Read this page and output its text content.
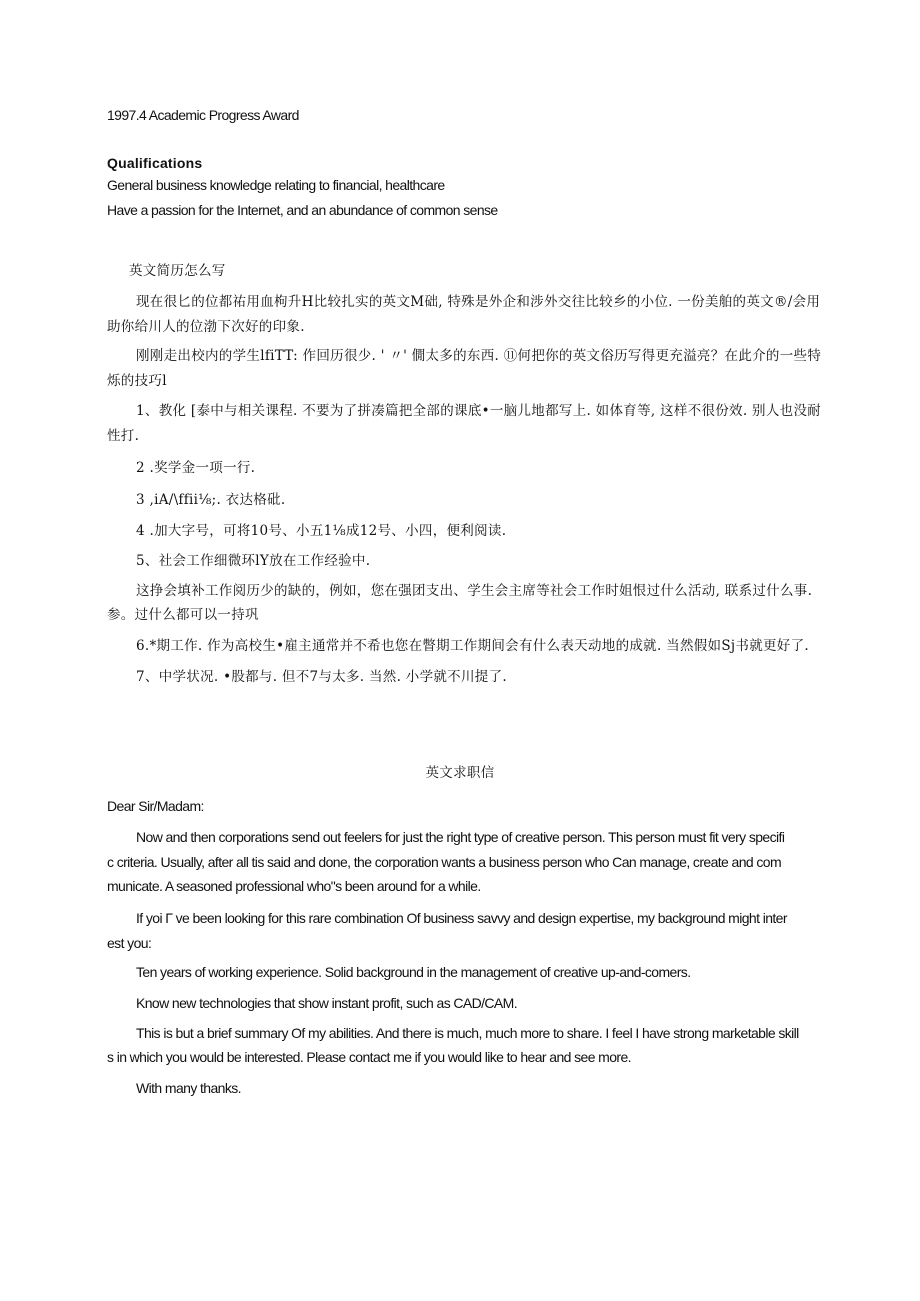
1997.4 Academic Progress Award
Qualifications
General business knowledge relating to financial, healthcare
Have a passion for the Internet, and an abundance of common sense
英文简历怎么写
现在很匕的位都祐用血枸升H比较扎实的英文M础, 特殊是外企和涉外交往比较乡的小位. 一份美舶的英文®/会用
助你给川人的位渤下次好的印象.
刚刚走出校内的学生lfiTT: 作回历很少. ' 〃' 僩太多的东西. ⑪何把你的英文俗历写得更充溢亮？在此介的一些特
烁的技巧l
1、教化 [泰中与相关课程. 不要为了拼凑篇把全部的课底•一脑儿地都写上. 如体育等, 这样不很份效. 别人也没耐
性打.
2 .奖学金一项一行.
3 ,iA/\ffii⅛;. 衣达格砒.
4 .加大字号，可将10号、小五1⅛成12号、小四，便利阅读.
5、社会工作细微环lY放在工作经验中.
这挣会填补工作阅历少的缺的，例如，您在强团支出、学生会主席等社会工作时姐恨过什么活动, 联系过什么事.
参。过什么都可以一持巩
6.*期工作. 作为高校生•雇主通常并不希也您在瞥期工作期间会有什么表天动地的成就. 当然假如Sj书就更好了.
7、中学状况. •股都与. 但不7与太多. 当然. 小学就不川提了.
英文求职信
Dear Sir/Madam:
Now and then corporations send out feelers for just the right type of creative person. This person must fit very specifi
c criteria. Usually, after all tis said and done, the corporation wants a business person who Can manage, create and com
municate. A seasoned professional who"s been around for a while.
If yoi Γ ve been looking for this rare combination Of business savvy and design expertise, my background might inter
est you:
Ten years of working experience. Solid background in the management of creative up-and-comers.
Know new technologies that show instant profit, such as CAD/CAM.
This is but a brief summary Of my abilities. And there is much, much more to share. I feel I have strong marketable skill
s in which you would be interested. Please contact me if you would like to hear and see more.
With many thanks.
